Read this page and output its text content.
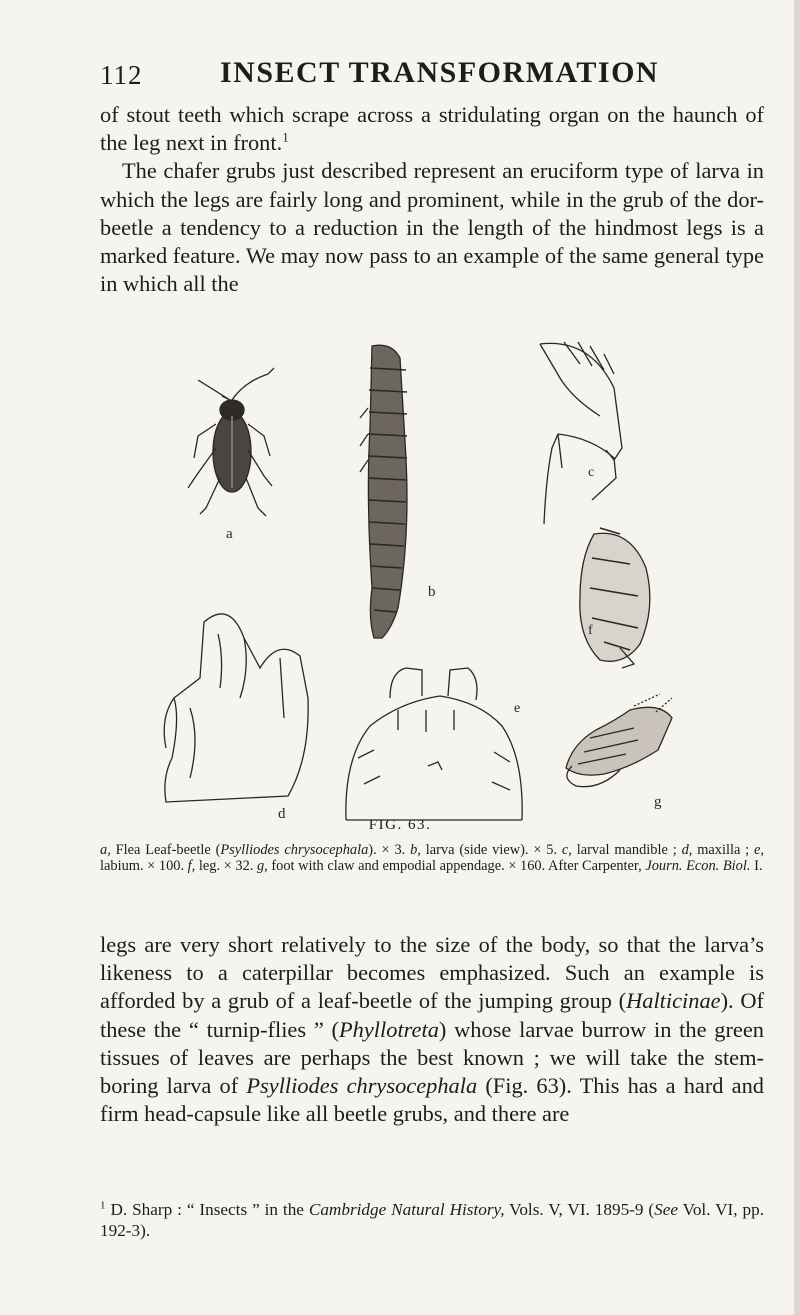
112	INSECT TRANSFORMATION

of stout teeth which scrape across a stridulating organ on the haunch of the leg next in front.$^1$
The chafer grubs just described represent an eruciform type of larva in which the legs are fairly long and prominent, while in the grub of the dor-beetle a tendency to a reduction in the length of the hindmost legs is a marked feature. We may now pass to an example of the same general type in which all the

a
b
c
f
d
e
g
FIG. 63.

a, Flea Leaf-beetle (Psylliodes chrysocephala). × 3. b, larva (side view). × 5. c, larval mandible ; d, maxilla ; e, labium. × 100. f, leg. × 32. g, foot with claw and empodial appendage. × 160. After Carpenter, Journ. Econ. Biol. I.

legs are very short relatively to the size of the body, so that the larva’s likeness to a caterpillar becomes emphasized. Such an example is afforded by a grub of a leaf-beetle of the jumping group (Halticinae). Of these the “ turnip-flies ” (Phyllotreta) whose larvae burrow in the green tissues of leaves are perhaps the best known ; we will take the stem-boring larva of Psylliodes chrysocephala (Fig. 63). This has a hard and firm head-capsule like all beetle grubs, and there are

$^1$ D. Sharp : “ Insects ” in the Cambridge Natural History, Vols. V, VI. 1895-9 (See Vol. VI, pp. 192-3).
